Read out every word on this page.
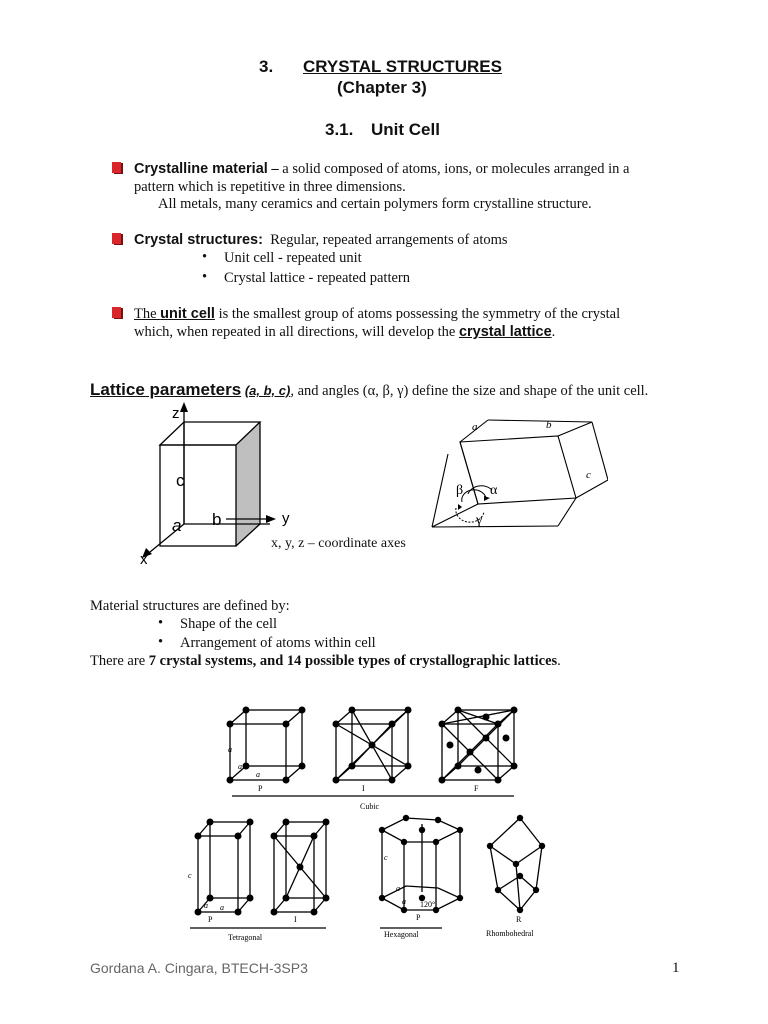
3. CRYSTAL STRUCTURES
(Chapter 3)
3.1. Unit Cell
Crystalline material – a solid composed of atoms, ions, or molecules arranged in a
pattern which is repetitive in three dimensions.
All metals, many ceramics and certain polymers form crystalline structure.
Crystal structures: Regular, repeated arrangements of atoms
• Unit cell - repeated unit
• Crystal lattice - repeated pattern
The unit cell is the smallest group of atoms possessing the symmetry of the crystal
which, when repeated in all directions, will develop the crystal lattice.
Lattice parameters (a, b, c), and angles (α, β, γ) define the size and shape of the unit cell.
z
y
x
c
a b
x, y, z – coordinate axes
a	b
c
β α
γ
Material structures are defined by:
• Shape of the cell
• Arrangement of atoms within cell
There are 7 crystal systems, and 14 possible types of crystallographic lattices.
P	I	F
Cubic
a
a
a
P	I
Tetragonal
c
a a
P
Hexagonal
c
a
a 120°
R
Rhombohedral
Gordana A. Cingara, BTECH-3SP3	1
